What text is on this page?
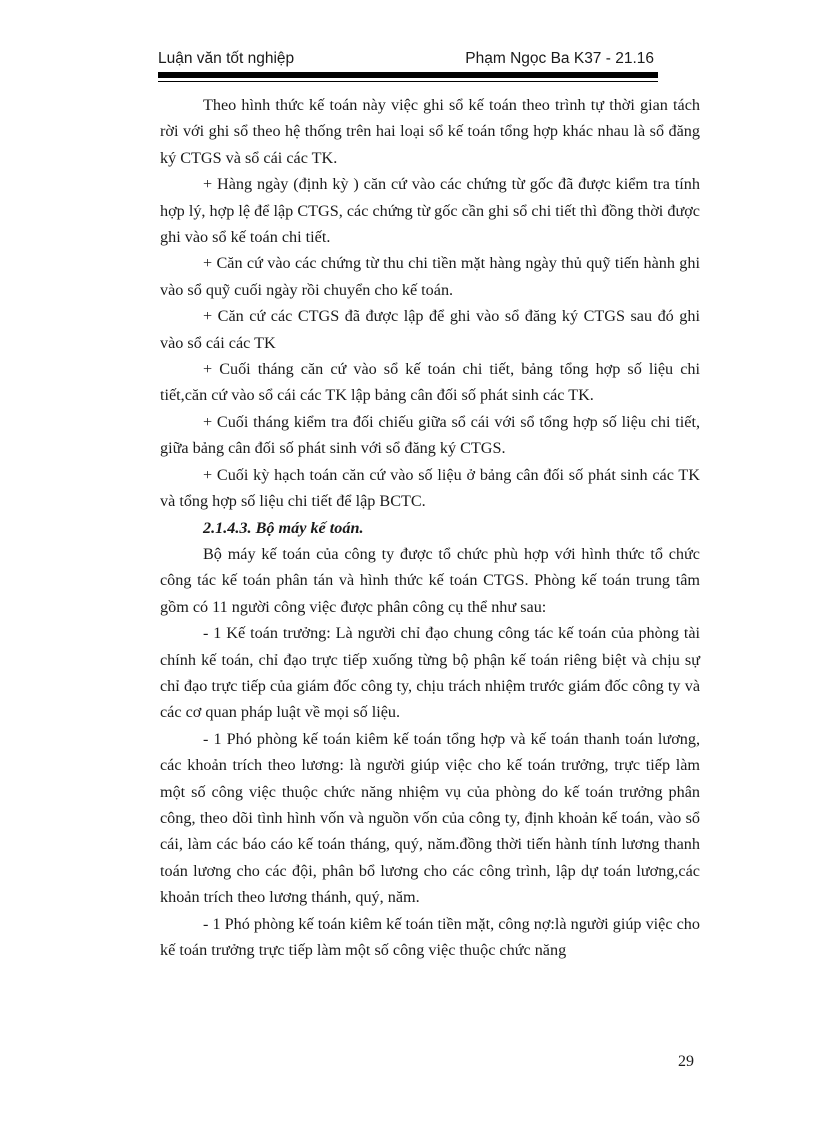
Luận văn tốt nghiệp	Phạm Ngọc Ba K37 - 21.16

Theo hình thức kế toán này việc ghi sổ kế toán theo trình tự thời gian tách rời với ghi sổ theo hệ thống trên hai loại sổ kế toán tổng hợp khác nhau là sổ đăng ký CTGS và sổ cái các TK.

+ Hàng ngày (định kỳ ) căn cứ vào các chứng từ gốc đã được kiểm tra tính hợp lý, hợp lệ để lập CTGS, các chứng từ gốc cần ghi sổ chi tiết thì đồng thời được ghi vào sổ kế toán chi tiết.

+ Căn cứ vào các chứng từ thu chi tiền mặt hàng ngày thủ quỹ tiến hành ghi vào sổ quỹ cuối ngày rồi chuyển cho kế toán.

+ Căn cứ các CTGS đã được lập để ghi vào sổ đăng ký CTGS sau đó ghi vào sổ cái các TK

+ Cuối tháng căn cứ vào sổ kế toán chi tiết, bảng tổng hợp số liệu chi tiết,căn cứ vào sổ cái các TK lập bảng cân đối số phát sinh các TK.

+ Cuối tháng kiểm tra đối chiếu giữa sổ cái với sổ tổng hợp số liệu chi tiết, giữa bảng cân đối số phát sinh với sổ đăng ký CTGS.

+ Cuối kỳ hạch toán căn cứ vào số liệu ở bảng cân đối số phát sinh các TK và tổng hợp số liệu chi tiết để lập BCTC.

2.1.4.3. Bộ máy kế toán.

Bộ máy kế toán của công ty được tổ chức phù hợp với hình thức tổ chức công tác kế toán phân tán và hình thức kế toán CTGS. Phòng kế toán trung tâm gồm có 11 người công việc được phân công cụ thể như sau:

- 1 Kế toán trưởng: Là người chỉ đạo chung công tác kế toán của phòng tài chính kế toán, chỉ đạo trực tiếp xuống từng bộ phận kế toán riêng biệt và chịu sự chỉ đạo trực tiếp của giám đốc công ty, chịu trách nhiệm trước giám đốc công ty và các cơ quan pháp luật về mọi số liệu.

- 1 Phó phòng kế toán kiêm kế toán tổng hợp và kế toán thanh toán lương, các khoản trích theo lương: là người giúp việc cho kế toán trưởng, trực tiếp làm một số công việc thuộc chức năng nhiệm vụ của phòng do kế toán trưởng phân công, theo dõi tình hình vốn và nguồn vốn của công ty, định khoản kế toán, vào sổ cái, làm các báo cáo kế toán tháng, quý, năm.đồng thời tiến hành tính lương thanh toán lương cho các đội, phân bổ lương cho các công trình, lập dự toán lương,các khoản trích theo lương thánh, quý, năm.

- 1 Phó phòng kế toán kiêm kế toán tiền mặt, công nợ:là người giúp việc cho kế toán trưởng trực tiếp làm một số công việc thuộc chức năng

29
